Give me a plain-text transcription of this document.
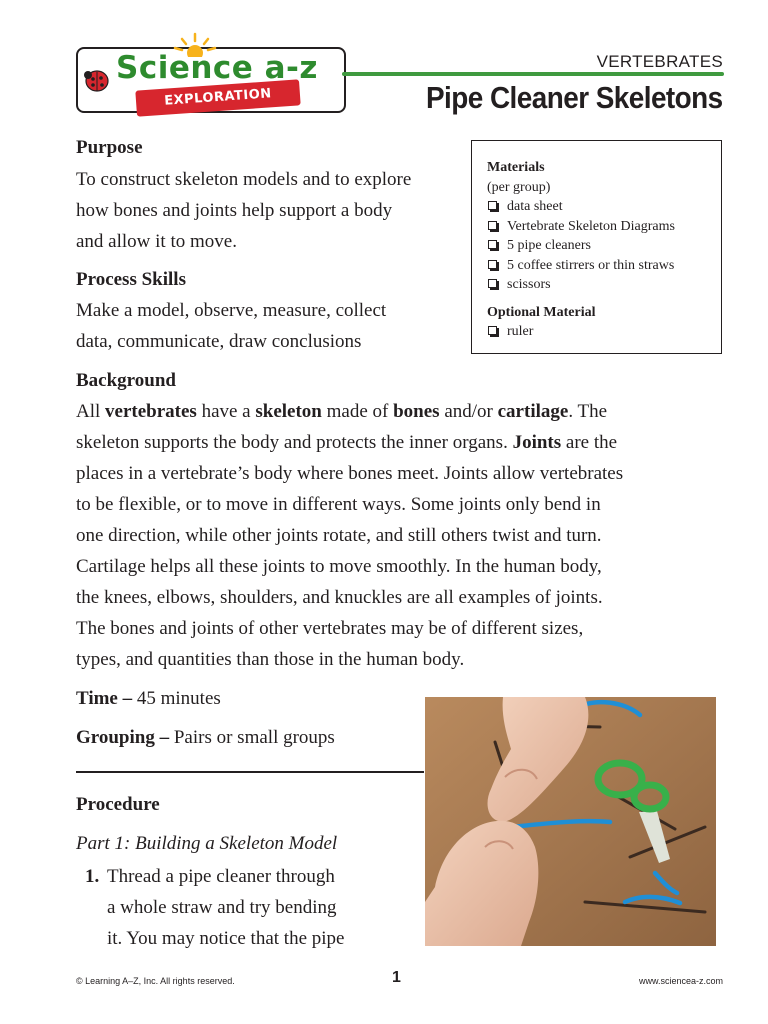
Science a-z
EXPLORATION
VERTEBRATES
Pipe Cleaner Skeletons
Purpose
To construct skeleton models and to explore
how bones and joints help support a body
and allow it to move.
Process Skills
Make a model, observe, measure, collect
data, communicate, draw conclusions
Materials
(per group)
data sheet
Vertebrate Skeleton Diagrams
5 pipe cleaners
5 coffee stirrers or thin straws
scissors
Optional Material
ruler
Background
All vertebrates have a skeleton made of bones and/or cartilage. The
skeleton supports the body and protects the inner organs. Joints are the
places in a vertebrate’s body where bones meet. Joints allow vertebrates
to be flexible, or to move in different ways. Some joints only bend in
one direction, while other joints rotate, and still others twist and turn.
Cartilage helps all these joints to move smoothly. In the human body,
the knees, elbows, shoulders, and knuckles are all examples of joints.
The bones and joints of other vertebrates may be of different sizes,
types, and quantities than those in the human body.
Time – 45 minutes
Grouping – Pairs or small groups
Procedure
Part 1: Building a Skeleton Model
1. Thread a pipe cleaner through
a whole straw and try bending
it. You may notice that the pipe
© Learning A–Z, Inc. All rights reserved.	1	www.sciencea-z.com
